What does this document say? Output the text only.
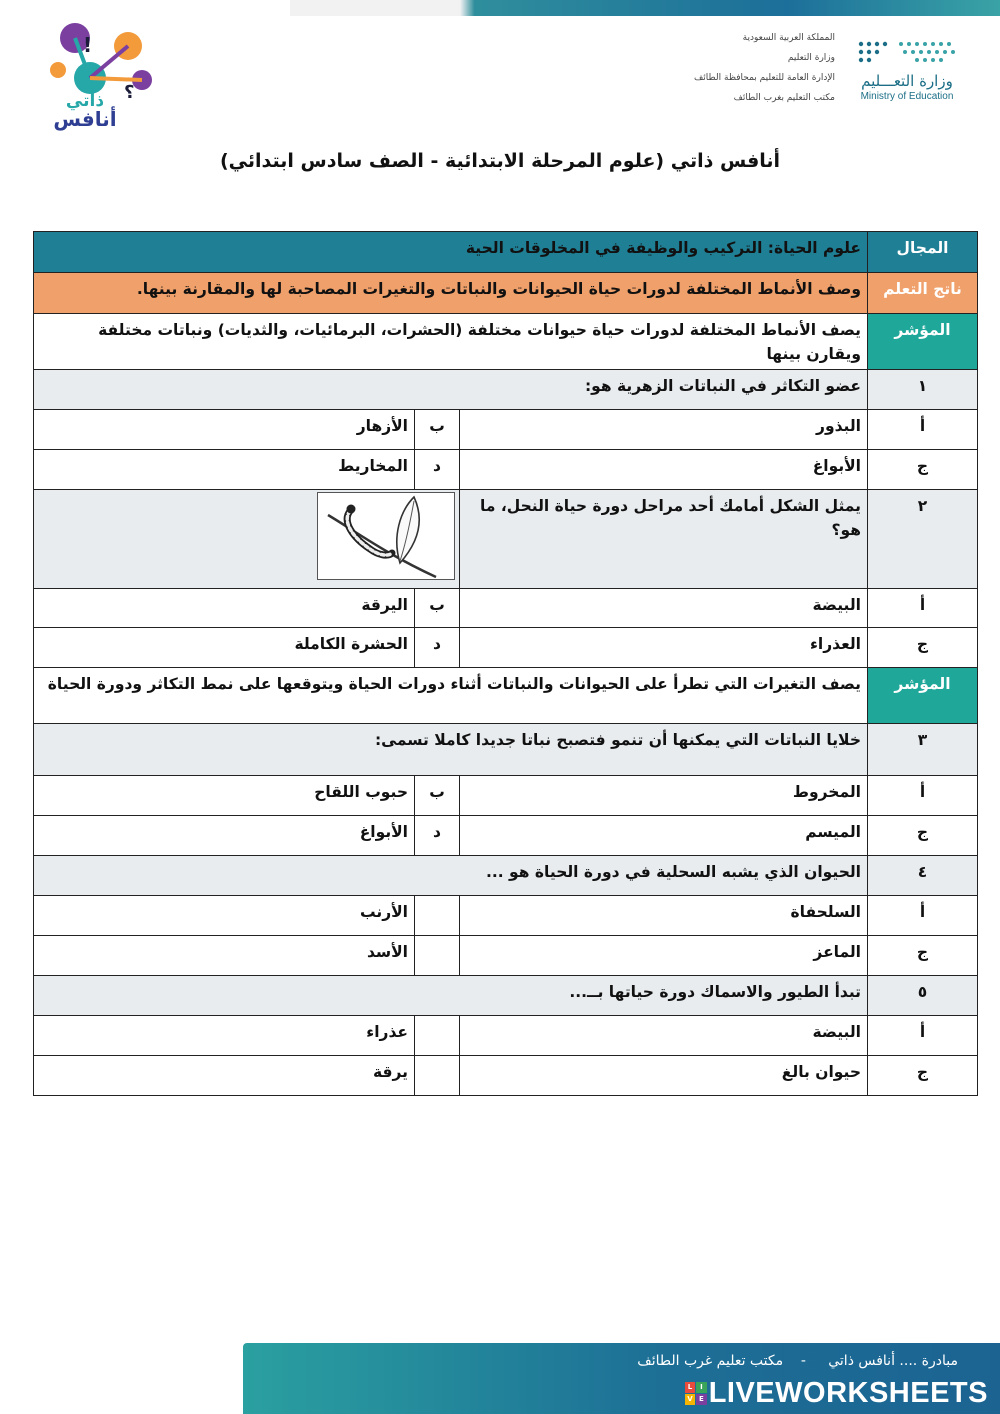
!
؟
ذاتي
أنافس
المملكة العربية السعودية
وزارة التعليم
الإدارة العامة للتعليم بمحافظة الطائف
مكتب التعليم بغرب الطائف
وزارة التعـــليم
Ministry of Education
أنافس ذاتي (علوم المرحلة الابتدائية - الصف سادس ابتدائي)
المجال	علوم الحياة: التركيب والوظيفة في المخلوقات الحية		
ناتج التعلم	وصف الأنماط المختلفة لدورات حياة الحيوانات والنباتات والتغيرات المصاحبة لها والمقارنة بينها.		
المؤشر	يصف الأنماط المختلفة لدورات حياة حيوانات مختلفة (الحشرات، البرمائيات، والثديات) ونباتات مختلفة ويقارن بينها		
١	عضو التكاثر في النباتات الزهرية هو:		
أ	البذور	ب	الأزهار
ج	الأبواغ	د	المخاريط
٢	يمثل الشكل أمامك أحد مراحل دورة حياة النحل، ما هو؟	
أ	البيضة	ب	اليرقة
ج	العذراء	د	الحشرة الكاملة
المؤشر	يصف التغيرات التي تطرأ على الحيوانات والنباتات أثناء دورات الحياة ويتوقعها على نمط التكاثر ودورة الحياة		
٣	خلايا النباتات التي يمكنها أن تنمو فتصبح نباتا جديدا كاملا تسمى:		
أ	المخروط	ب	حبوب اللقاح
ج	الميسم	د	الأبواغ
٤	الحيوان الذي يشبه السحلية في دورة الحياة هو ...		
أ	السلحفاة		الأرنب
ج	الماعز		الأسد
٥	تبدأ الطيور والاسماك دورة حياتها بــ...		
أ	البيضة		عذراء
ج	حيوان بالغ		يرقة
مبادرة .... أنافس ذاتي     -    مكتب تعليم غرب الطائف
L	I
V E LIVEWORKSHEETS
